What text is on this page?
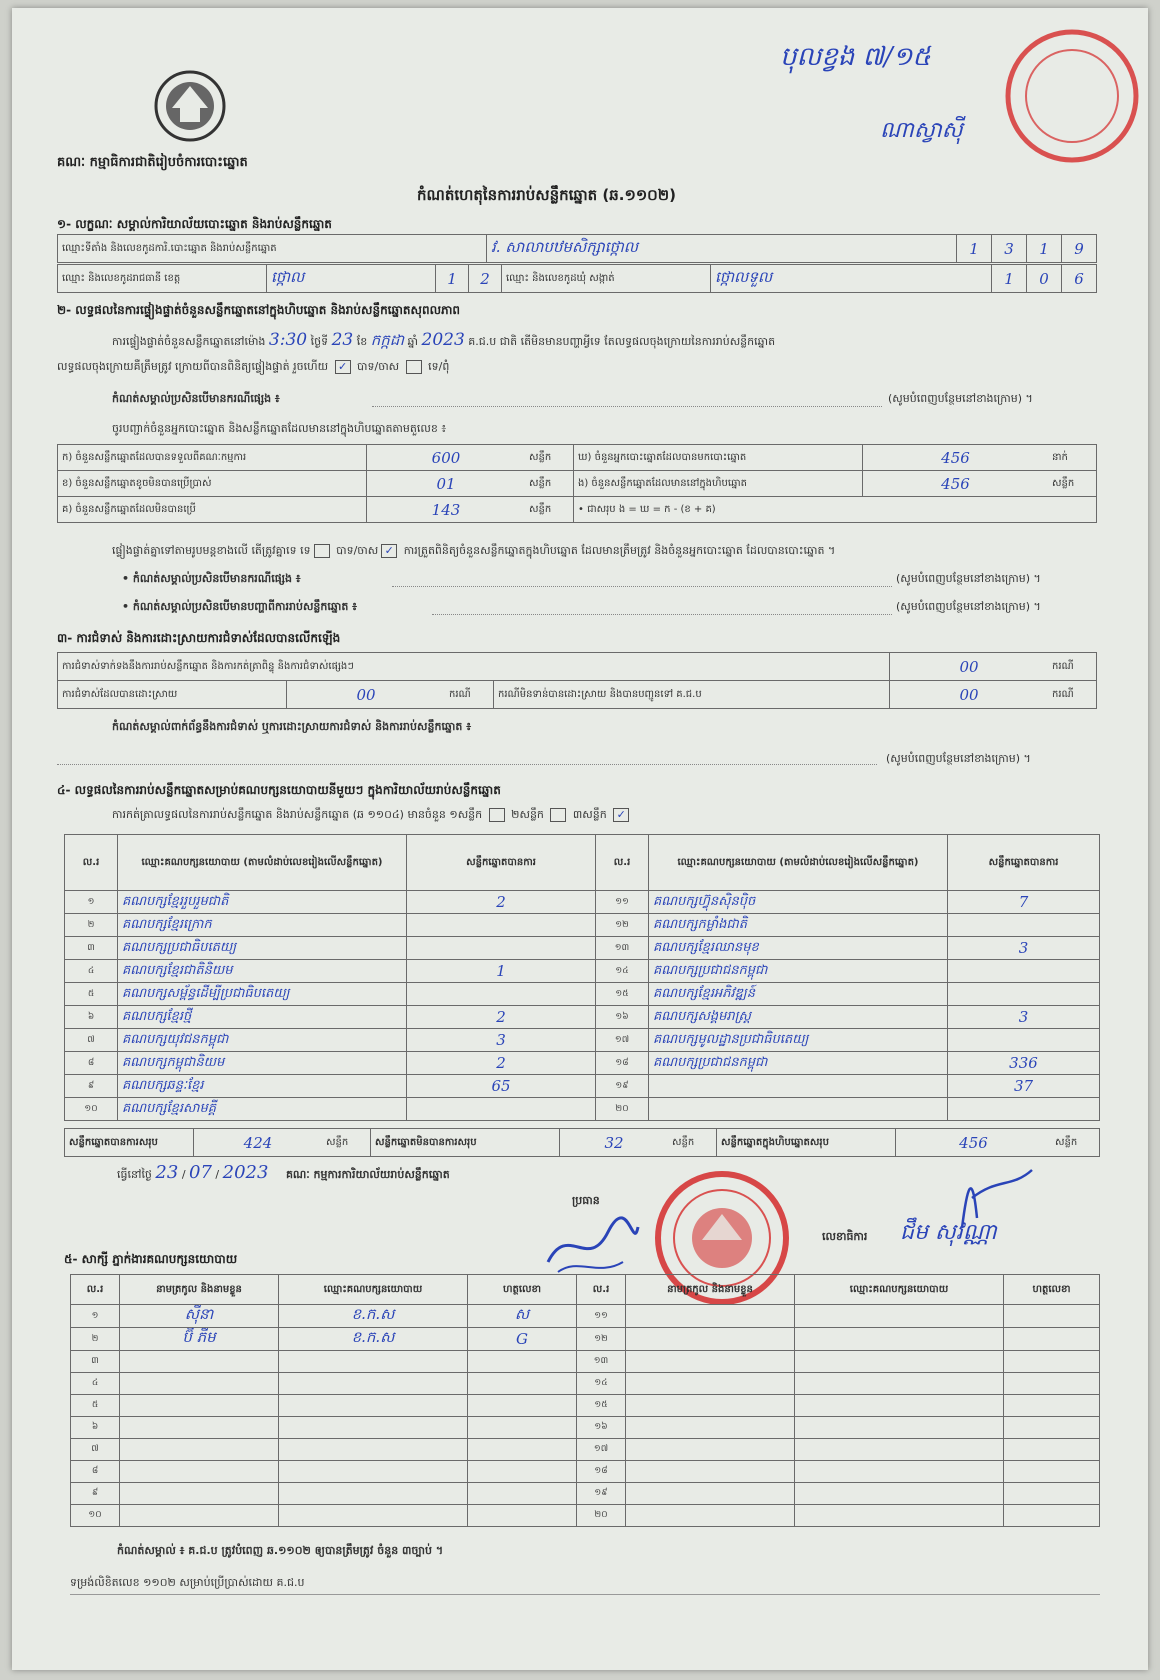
គណៈ កម្មាធិការជាតិរៀបចំការបោះឆ្នោត
កំណត់ហេតុនៃការរាប់សន្លឹកឆ្នោត (ឆ.១១០២)
បុលខ្វង ៧/១៥
ណាស្វាស៊ី
១- លក្ខណៈ សម្គាល់ការិយាល័យបោះឆ្នោត និងរាប់សន្លឹកឆ្នោត
ឈ្មោះទីតាំង និងលេខកូដការិ.បោះឆ្នោត និងរាប់សន្លឹកឆ្នោត	វ. សាលាបឋមសិក្សាថ្កោល	1	3	1	9
ឈ្មោះ និងលេខកូដរាជធានី ខេត្ត	ថ្កោល	1	2	ឈ្មោះ និងលេខកូដឃុំ សង្កាត់	ថ្កោលទួល	1	0	6
២- លទ្ធផលនៃការផ្ទៀងផ្ទាត់ចំនួនសន្លឹកឆ្នោតនៅក្នុងហិបឆ្នោត និងរាប់សន្លឹកឆ្នោតសុពលភាព
ការផ្ទៀងផ្ទាត់ចំនួនសន្លឹកឆ្នោតនៅម៉ោង 3:30 ថ្ងៃទី 23 ខែ កក្កដា ឆ្នាំ 2023 គ.ជ.ប ជាតិ តើមិនមានបញ្ហាអ្វីទេ តែលទ្ធផលចុងក្រោយនៃការរាប់សន្លឹកឆ្នោត
លទ្ធផលចុងក្រោយគឺត្រឹមត្រូវ ក្រោយពីបានពិនិត្យផ្ទៀងផ្ទាត់ រួចហើយ ✓ បាទ/ចាស	ទេ/ពុំ
កំណត់សម្គាល់ប្រសិនបើមានករណីផ្សេង ៖	(សូមបំពេញបន្ថែមនៅខាងក្រោម) ។
ចូរបញ្ជាក់ចំនួនអ្នកបោះឆ្នោត និងសន្លឹកឆ្នោតដែលមាននៅក្នុងហិបឆ្នោតតាមតួលេខ ៖
ក) ចំនួនសន្លឹកឆ្នោតដែលបានទទួលពីគណៈកម្មការ	600	សន្លឹក	ឃ) ចំនួនអ្នកបោះឆ្នោតដែលបានមកបោះឆ្នោត	456	នាក់
ខ) ចំនួនសន្លឹកឆ្នោតខូចមិនបានប្រើប្រាស់	01	សន្លឹក	ង) ចំនួនសន្លឹកឆ្នោតដែលមាននៅក្នុងហិបឆ្នោត	456	សន្លឹក
គ) ចំនួនសន្លឹកឆ្នោតដែលមិនបានប្រើ	143	សន្លឹក	• ជាសរុប ង = ឃ = ក - (ខ + គ)		
ផ្ទៀងផ្ទាត់គ្នាទៅតាមរូបមន្តខាងលើ តើត្រូវគ្នាទេ ទេ បាទ/ចាស ✓ ការត្រួតពិនិត្យចំនួនសន្លឹកឆ្នោតក្នុងហិបឆ្នោត ដែលមានត្រឹមត្រូវ និងចំនួនអ្នកបោះឆ្នោត ដែលបានបោះឆ្នោត ។
• កំណត់សម្គាល់ប្រសិនបើមានករណីផ្សេង ៖	(សូមបំពេញបន្ថែមនៅខាងក្រោម) ។
• កំណត់សម្គាល់ប្រសិនបើមានបញ្ហាពីការរាប់សន្លឹកឆ្នោត ៖	(សូមបំពេញបន្ថែមនៅខាងក្រោម) ។
៣- ការជំទាស់ និងការដោះស្រាយការជំទាស់ដែលបានលើកឡើង
ការជំទាស់ទាក់ទងនឹងការរាប់សន្លឹកឆ្នោត និងការកត់ត្រាពិន្ទុ និងការជំទាស់ផ្សេងៗ				00	ករណី
ការជំទាស់ដែលបានដោះស្រាយ	00	ករណី	ករណីមិនទាន់បានដោះស្រាយ និងបានបញ្ជូនទៅ គ.ជ.ប	00	ករណី
កំណត់សម្គាល់ពាក់ព័ន្ធនឹងការជំទាស់ ឬការដោះស្រាយការជំទាស់ និងការរាប់សន្លឹកឆ្នោត ៖
(សូមបំពេញបន្ថែមនៅខាងក្រោម) ។
៤- លទ្ធផលនៃការរាប់សន្លឹកឆ្នោតសម្រាប់គណបក្សនយោបាយនីមួយៗ ក្នុងការិយាល័យរាប់សន្លឹកឆ្នោត
ការកត់ត្រាលទ្ធផលនៃការរាប់សន្លឹកឆ្នោត និងរាប់សន្លឹកឆ្នោត (ឆ ១១០៤) មានចំនួន ១សន្លឹក	២សន្លឹក	៣សន្លឹក ✓
ល.រ	ឈ្មោះគណបក្សនយោបាយ (តាមលំដាប់លេខរៀងលើសន្លឹកឆ្នោត)	សន្លឹកឆ្នោតបានការ	ល.រ	ឈ្មោះគណបក្សនយោបាយ (តាមលំដាប់លេខរៀងលើសន្លឹកឆ្នោត)	សន្លឹកឆ្នោតបានការ
១	គណបក្សខ្មែររួបរួមជាតិ	2	១១	គណបក្សហ៊្វុនស៊ិនប៉ិច	7
២	គណបក្សខ្មែរក្រោក		១២	គណបក្សកម្លាំងជាតិ	
៣	គណបក្សប្រជាធិបតេយ្យ		១៣	គណបក្សខ្មែរឈានមុខ	3
៤	គណបក្សខ្មែរជាតិនិយម	1	១៤	គណបក្សប្រជាជនកម្ពុជា	
៥	គណបក្សសម្ព័ន្ធដើម្បីប្រជាធិបតេយ្យ		១៥	គណបក្សខ្មែរអភិវឌ្ឍន៍	
៦	គណបក្សខ្មែរថ្មី	2	១៦	គណបក្សសង្គមរាស្ត្រ	3
៧	គណបក្សយុវជនកម្ពុជា	3	១៧	គណបក្សមូលដ្ឋានប្រជាធិបតេយ្យ	
៨	គណបក្សកម្ពុជានិយម	2	១៨	គណបក្សប្រជាជនកម្ពុជា	336
៩	គណបក្សឆន្ទៈខ្មែរ	65	១៩		37
១០	គណបក្សខ្មែរសាមគ្គី		២០		
សន្លឹកឆ្នោតបានការសរុប	424	សន្លឹក	សន្លឹកឆ្នោតមិនបានការសរុប	32	សន្លឹក	សន្លឹកឆ្នោតក្នុងហិបឆ្នោតសរុប	456	សន្លឹក
ធ្វើនៅថ្ងៃ 23 / 07 / 2023 គណៈ កម្មការការិយាល័យរាប់សន្លឹកឆ្នោត
ប្រធាន
លេខាធិការ ជឹម សុវណ្ណា
៥- សាក្សី ភ្នាក់ងារគណបក្សនយោបាយ
ល.រ	នាមត្រកូល និងនាមខ្លួន	ឈ្មោះគណបក្សនយោបាយ	ហត្ថលេខា	ល.រ	នាមត្រកូល និងនាមខ្លួន	ឈ្មោះគណបក្សនយោបាយ	ហត្ថលេខា
១	ស៊ីនា	ខ.ក.ស	ស	១១			
២	ប៊ី ភីម	ខ.ក.ស	G	១២			
៣				១៣			
៤				១៤			
៥				១៥			
៦				១៦			
៧				១៧			
៨				១៨			
៩				១៩			
១០				២០			
កំណត់សម្គាល់ ៖ គ.ជ.ប ត្រូវបំពេញ ឆ.១១០២ ឲ្យបានត្រឹមត្រូវ ចំនួន ៣ច្បាប់ ។
ទម្រង់លិខិតលេខ ១១០២ សម្រាប់ប្រើប្រាស់ដោយ គ.ជ.ប
